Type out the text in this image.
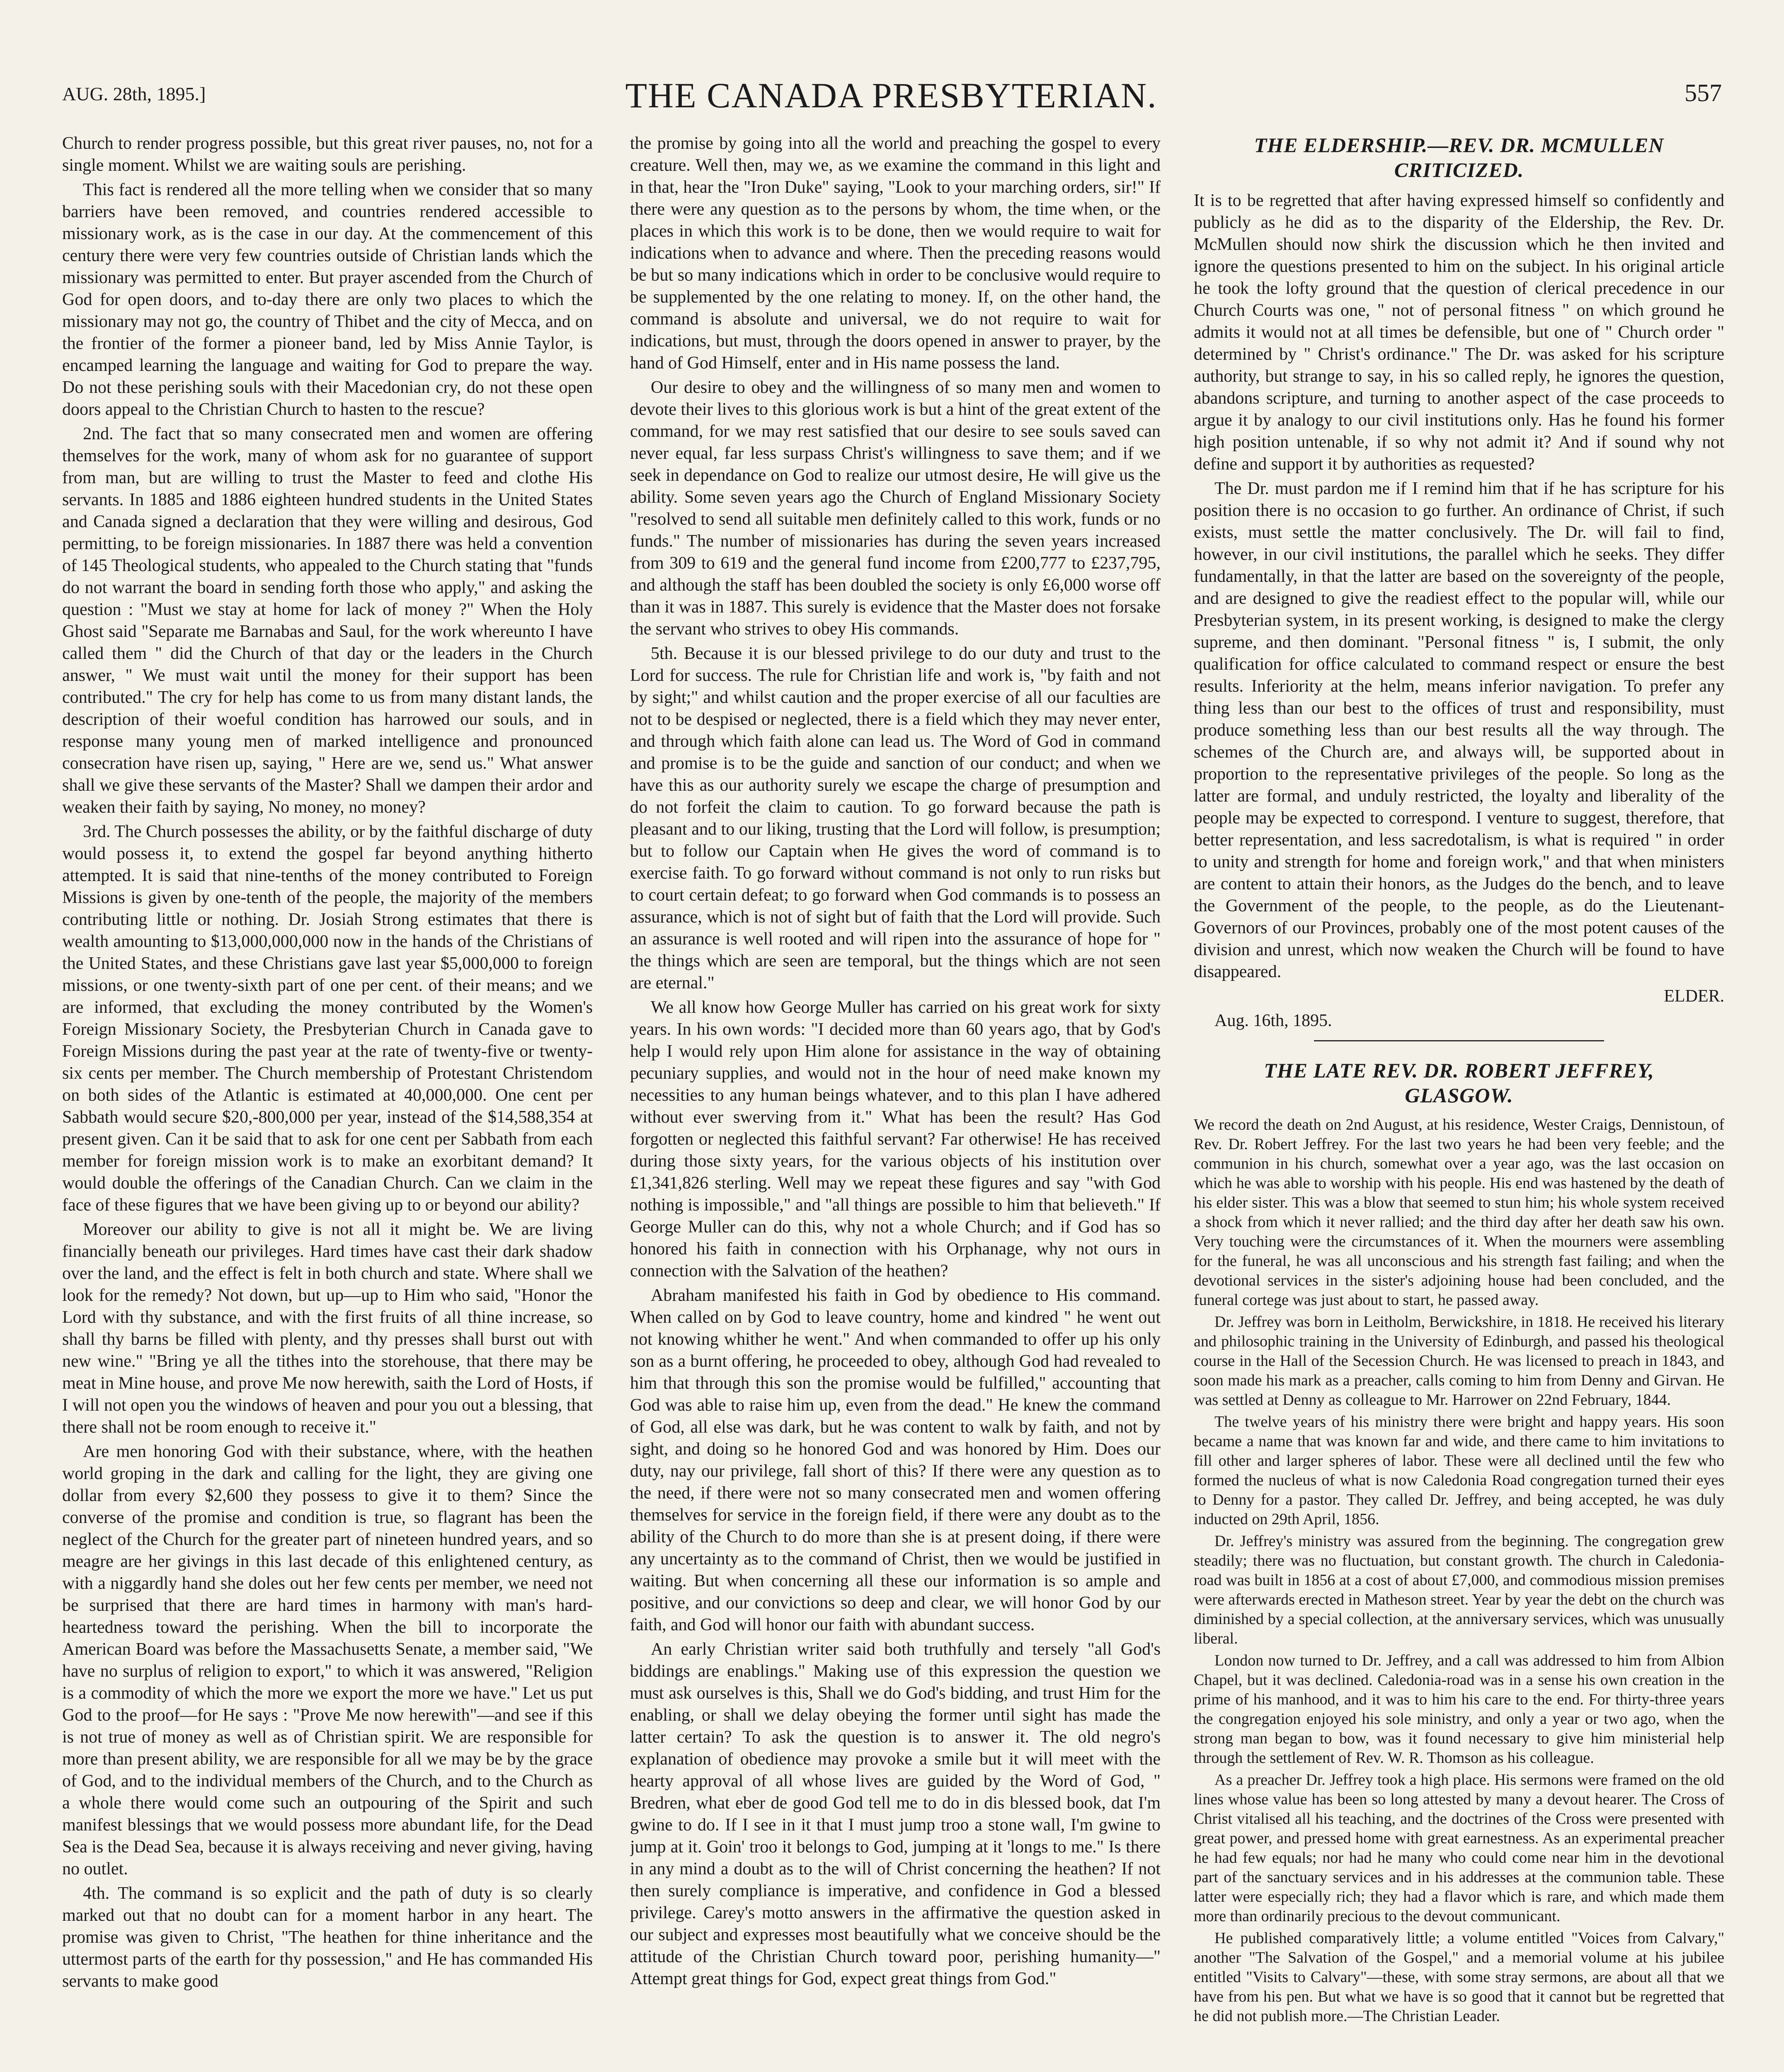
AUG. 28th, 1895.]	THE CANADA PRESBYTERIAN.	557

Church to render progress possible, but this great river pauses, no, not for a single moment. Whilst we are waiting souls are perishing.

This fact is rendered all the more telling when we consider that so many barriers have been removed, and countries rendered accessible to missionary work, as is the case in our day. At the commencement of this century there were very few countries outside of Christian lands which the missionary was permitted to enter. But prayer ascended from the Church of God for open doors, and to-day there are only two places to which the missionary may not go, the country of Thibet and the city of Mecca, and on the frontier of the former a pioneer band, led by Miss Annie Taylor, is encamped learning the language and waiting for God to prepare the way. Do not these perishing souls with their Macedonian cry, do not these open doors appeal to the Christian Church to hasten to the rescue?

2nd. The fact that so many consecrated men and women are offering themselves for the work, many of whom ask for no guarantee of support from man, but are willing to trust the Master to feed and clothe His servants. In 1885 and 1886 eighteen hundred students in the United States and Canada signed a declaration that they were willing and desirous, God permitting, to be foreign missionaries. In 1887 there was held a convention of 145 Theological students, who appealed to the Church stating that "funds do not warrant the board in sending forth those who apply," and asking the question : "Must we stay at home for lack of money ?" When the Holy Ghost said "Separate me Barnabas and Saul, for the work whereunto I have called them " did the Church of that day or the leaders in the Church answer, " We must wait until the money for their support has been contributed." The cry for help has come to us from many distant lands, the description of their woeful condition has harrowed our souls, and in response many young men of marked intelligence and pronounced consecration have risen up, saying, " Here are we, send us." What answer shall we give these servants of the Master? Shall we dampen their ardor and weaken their faith by saying, No money, no money?

3rd. The Church possesses the ability, or by the faithful discharge of duty would possess it, to extend the gospel far beyond anything hitherto attempted. It is said that nine-tenths of the money contributed to Foreign Missions is given by one-tenth of the people, the majority of the members contributing little or nothing. Dr. Josiah Strong estimates that there is wealth amounting to $13,000,000,000 now in the hands of the Christians of the United States, and these Christians gave last year $5,000,000 to foreign missions, or one twenty-sixth part of one per cent. of their means; and we are informed, that excluding the money contributed by the Women's Foreign Missionary Society, the Presbyterian Church in Canada gave to Foreign Missions during the past year at the rate of twenty-five or twenty-six cents per member. The Church membership of Protestant Christendom on both sides of the Atlantic is estimated at 40,000,000. One cent per Sabbath would secure $20,-800,000 per year, instead of the $14,588,354 at present given. Can it be said that to ask for one cent per Sabbath from each member for foreign mission work is to make an exorbitant demand? It would double the offerings of the Canadian Church. Can we claim in the face of these figures that we have been giving up to or beyond our ability?

Moreover our ability to give is not all it might be. We are living financially beneath our privileges. Hard times have cast their dark shadow over the land, and the effect is felt in both church and state. Where shall we look for the remedy? Not down, but up—up to Him who said, "Honor the Lord with thy substance, and with the first fruits of all thine increase, so shall thy barns be filled with plenty, and thy presses shall burst out with new wine." "Bring ye all the tithes into the storehouse, that there may be meat in Mine house, and prove Me now herewith, saith the Lord of Hosts, if I will not open you the windows of heaven and pour you out a blessing, that there shall not be room enough to receive it."

Are men honoring God with their substance, where, with the heathen world groping in the dark and calling for the light, they are giving one dollar from every $2,600 they possess to give it to them? Since the converse of the promise and condition is true, so flagrant has been the neglect of the Church for the greater part of nineteen hundred years, and so meagre are her givings in this last decade of this enlightened century, as with a niggardly hand she doles out her few cents per member, we need not be surprised that there are hard times in harmony with man's hard-heartedness toward the perishing. When the bill to incorporate the American Board was before the Massachusetts Senate, a member said, "We have no surplus of religion to export," to which it was answered, "Religion is a commodity of which the more we export the more we have." Let us put God to the proof—for He says : "Prove Me now herewith"—and see if this is not true of money as well as of Christian spirit. We are responsible for more than present ability, we are responsible for all we may be by the grace of God, and to the individual members of the Church, and to the Church as a whole there would come such an outpouring of the Spirit and such manifest blessings that we would possess more abundant life, for the Dead Sea is the Dead Sea, because it is always receiving and never giving, having no outlet.

4th. The command is so explicit and the path of duty is so clearly marked out that no doubt can for a moment harbor in any heart. The promise was given to Christ, "The heathen for thine inheritance and the uttermost parts of the earth for thy possession," and He has commanded His servants to make good

the promise by going into all the world and preaching the gospel to every creature. Well then, may we, as we examine the command in this light and in that, hear the "Iron Duke" saying, "Look to your marching orders, sir!" If there were any question as to the persons by whom, the time when, or the places in which this work is to be done, then we would require to wait for indications when to advance and where. Then the preceding reasons would be but so many indications which in order to be conclusive would require to be supplemented by the one relating to money. If, on the other hand, the command is absolute and universal, we do not require to wait for indications, but must, through the doors opened in answer to prayer, by the hand of God Himself, enter and in His name possess the land.

Our desire to obey and the willingness of so many men and women to devote their lives to this glorious work is but a hint of the great extent of the command, for we may rest satisfied that our desire to see souls saved can never equal, far less surpass Christ's willingness to save them; and if we seek in dependance on God to realize our utmost desire, He will give us the ability. Some seven years ago the Church of England Missionary Society "resolved to send all suitable men definitely called to this work, funds or no funds." The number of missionaries has during the seven years increased from 309 to 619 and the general fund income from £200,777 to £237,795, and although the staff has been doubled the society is only £6,000 worse off than it was in 1887. This surely is evidence that the Master does not forsake the servant who strives to obey His commands.

5th. Because it is our blessed privilege to do our duty and trust to the Lord for success. The rule for Christian life and work is, "by faith and not by sight;" and whilst caution and the proper exercise of all our faculties are not to be despised or neglected, there is a field which they may never enter, and through which faith alone can lead us. The Word of God in command and promise is to be the guide and sanction of our conduct; and when we have this as our authority surely we escape the charge of presumption and do not forfeit the claim to caution. To go forward because the path is pleasant and to our liking, trusting that the Lord will follow, is presumption; but to follow our Captain when He gives the word of command is to exercise faith. To go forward without command is not only to run risks but to court certain defeat; to go forward when God commands is to possess an assurance, which is not of sight but of faith that the Lord will provide. Such an assurance is well rooted and will ripen into the assurance of hope for " the things which are seen are temporal, but the things which are not seen are eternal."

We all know how George Muller has carried on his great work for sixty years. In his own words: "I decided more than 60 years ago, that by God's help I would rely upon Him alone for assistance in the way of obtaining pecuniary supplies, and would not in the hour of need make known my necessities to any human beings whatever, and to this plan I have adhered without ever swerving from it." What has been the result? Has God forgotten or neglected this faithful servant? Far otherwise! He has received during those sixty years, for the various objects of his institution over £1,341,826 sterling. Well may we repeat these figures and say "with God nothing is impossible," and "all things are possible to him that believeth." If George Muller can do this, why not a whole Church; and if God has so honored his faith in connection with his Orphanage, why not ours in connection with the Salvation of the heathen?

Abraham manifested his faith in God by obedience to His command. When called on by God to leave country, home and kindred " he went out not knowing whither he went." And when commanded to offer up his only son as a burnt offering, he proceeded to obey, although God had revealed to him that through this son the promise would be fulfilled," accounting that God was able to raise him up, even from the dead." He knew the command of God, all else was dark, but he was content to walk by faith, and not by sight, and doing so he honored God and was honored by Him. Does our duty, nay our privilege, fall short of this? If there were any question as to the need, if there were not so many consecrated men and women offering themselves for service in the foreign field, if there were any doubt as to the ability of the Church to do more than she is at present doing, if there were any uncertainty as to the command of Christ, then we would be justified in waiting. But when concerning all these our information is so ample and positive, and our convictions so deep and clear, we will honor God by our faith, and God will honor our faith with abundant success.

An early Christian writer said both truthfully and tersely "all God's biddings are enablings." Making use of this expression the question we must ask ourselves is this, Shall we do God's bidding, and trust Him for the enabling, or shall we delay obeying the former until sight has made the latter certain? To ask the question is to answer it. The old negro's explanation of obedience may provoke a smile but it will meet with the hearty approval of all whose lives are guided by the Word of God, " Bredren, what eber de good God tell me to do in dis blessed book, dat I'm gwine to do. If I see in it that I must jump troo a stone wall, I'm gwine to jump at it. Goin' troo it belongs to God, jumping at it 'longs to me." Is there in any mind a doubt as to the will of Christ concerning the heathen? If not then surely compliance is imperative, and confidence in God a blessed privilege. Carey's motto answers in the affirmative the question asked in our subject and expresses most beautifully what we conceive should be the attitude of the Christian Church toward poor, perishing humanity—" Attempt great things for God, expect great things from God."

THE ELDERSHIP.—REV. DR. MCMULLEN
CRITICIZED.

It is to be regretted that after having expressed himself so confidently and publicly as he did as to the disparity of the Eldership, the Rev. Dr. McMullen should now shirk the discussion which he then invited and ignore the questions presented to him on the subject. In his original article he took the lofty ground that the question of clerical precedence in our Church Courts was one, " not of personal fitness " on which ground he admits it would not at all times be defensible, but one of " Church order " determined by " Christ's ordinance." The Dr. was asked for his scripture authority, but strange to say, in his so called reply, he ignores the question, abandons scripture, and turning to another aspect of the case proceeds to argue it by analogy to our civil institutions only. Has he found his former high position untenable, if so why not admit it? And if sound why not define and support it by authorities as requested?

The Dr. must pardon me if I remind him that if he has scripture for his position there is no occasion to go further. An ordinance of Christ, if such exists, must settle the matter conclusively. The Dr. will fail to find, however, in our civil institutions, the parallel which he seeks. They differ fundamentally, in that the latter are based on the sovereignty of the people, and are designed to give the readiest effect to the popular will, while our Presbyterian system, in its present working, is designed to make the clergy supreme, and then dominant. "Personal fitness " is, I submit, the only qualification for office calculated to command respect or ensure the best results. Inferiority at the helm, means inferior navigation. To prefer any thing less than our best to the offices of trust and responsibility, must produce something less than our best results all the way through. The schemes of the Church are, and always will, be supported about in proportion to the representative privileges of the people. So long as the latter are formal, and unduly restricted, the loyalty and liberality of the people may be expected to correspond. I venture to suggest, therefore, that better representation, and less sacredotalism, is what is required " in order to unity and strength for home and foreign work," and that when ministers are content to attain their honors, as the Judges do the bench, and to leave the Government of the people, to the people, as do the Lieutenant-Governors of our Provinces, probably one of the most potent causes of the division and unrest, which now weaken the Church will be found to have disappeared.

ELDER.

Aug. 16th, 1895.

THE LATE REV. DR. ROBERT JEFFREY,
GLASGOW.

We record the death on 2nd August, at his residence, Wester Craigs, Dennistoun, of Rev. Dr. Robert Jeffrey. For the last two years he had been very feeble; and the communion in his church, somewhat over a year ago, was the last occasion on which he was able to worship with his people. His end was hastened by the death of his elder sister. This was a blow that seemed to stun him; his whole system received a shock from which it never rallied; and the third day after her death saw his own. Very touching were the circumstances of it. When the mourners were assembling for the funeral, he was all unconscious and his strength fast failing; and when the devotional services in the sister's adjoining house had been concluded, and the funeral cortege was just about to start, he passed away.

Dr. Jeffrey was born in Leitholm, Berwickshire, in 1818. He received his literary and philosophic training in the University of Edinburgh, and passed his theological course in the Hall of the Secession Church. He was licensed to preach in 1843, and soon made his mark as a preacher, calls coming to him from Denny and Girvan. He was settled at Denny as colleague to Mr. Harrower on 22nd February, 1844.

The twelve years of his ministry there were bright and happy years. His soon became a name that was known far and wide, and there came to him invitations to fill other and larger spheres of labor. These were all declined until the few who formed the nucleus of what is now Caledonia Road congregation turned their eyes to Denny for a pastor. They called Dr. Jeffrey, and being accepted, he was duly inducted on 29th April, 1856.

Dr. Jeffrey's ministry was assured from the beginning. The congregation grew steadily; there was no fluctuation, but constant growth. The church in Caledonia-road was built in 1856 at a cost of about £7,000, and commodious mission premises were afterwards erected in Matheson street. Year by year the debt on the church was diminished by a special collection, at the anniversary services, which was unusually liberal.

London now turned to Dr. Jeffrey, and a call was addressed to him from Albion Chapel, but it was declined. Caledonia-road was in a sense his own creation in the prime of his manhood, and it was to him his care to the end. For thirty-three years the congregation enjoyed his sole ministry, and only a year or two ago, when the strong man began to bow, was it found necessary to give him ministerial help through the settlement of Rev. W. R. Thomson as his colleague.

As a preacher Dr. Jeffrey took a high place. His sermons were framed on the old lines whose value has been so long attested by many a devout hearer. The Cross of Christ vitalised all his teaching, and the doctrines of the Cross were presented with great power, and pressed home with great earnestness. As an experimental preacher he had few equals; nor had he many who could come near him in the devotional part of the sanctuary services and in his addresses at the communion table. These latter were especially rich; they had a flavor which is rare, and which made them more than ordinarily precious to the devout communicant.

He published comparatively little; a volume entitled "Voices from Calvary," another "The Salvation of the Gospel," and a memorial volume at his jubilee entitled "Visits to Calvary"—these, with some stray sermons, are about all that we have from his pen. But what we have is so good that it cannot but be regretted that he did not publish more.—The Christian Leader.
